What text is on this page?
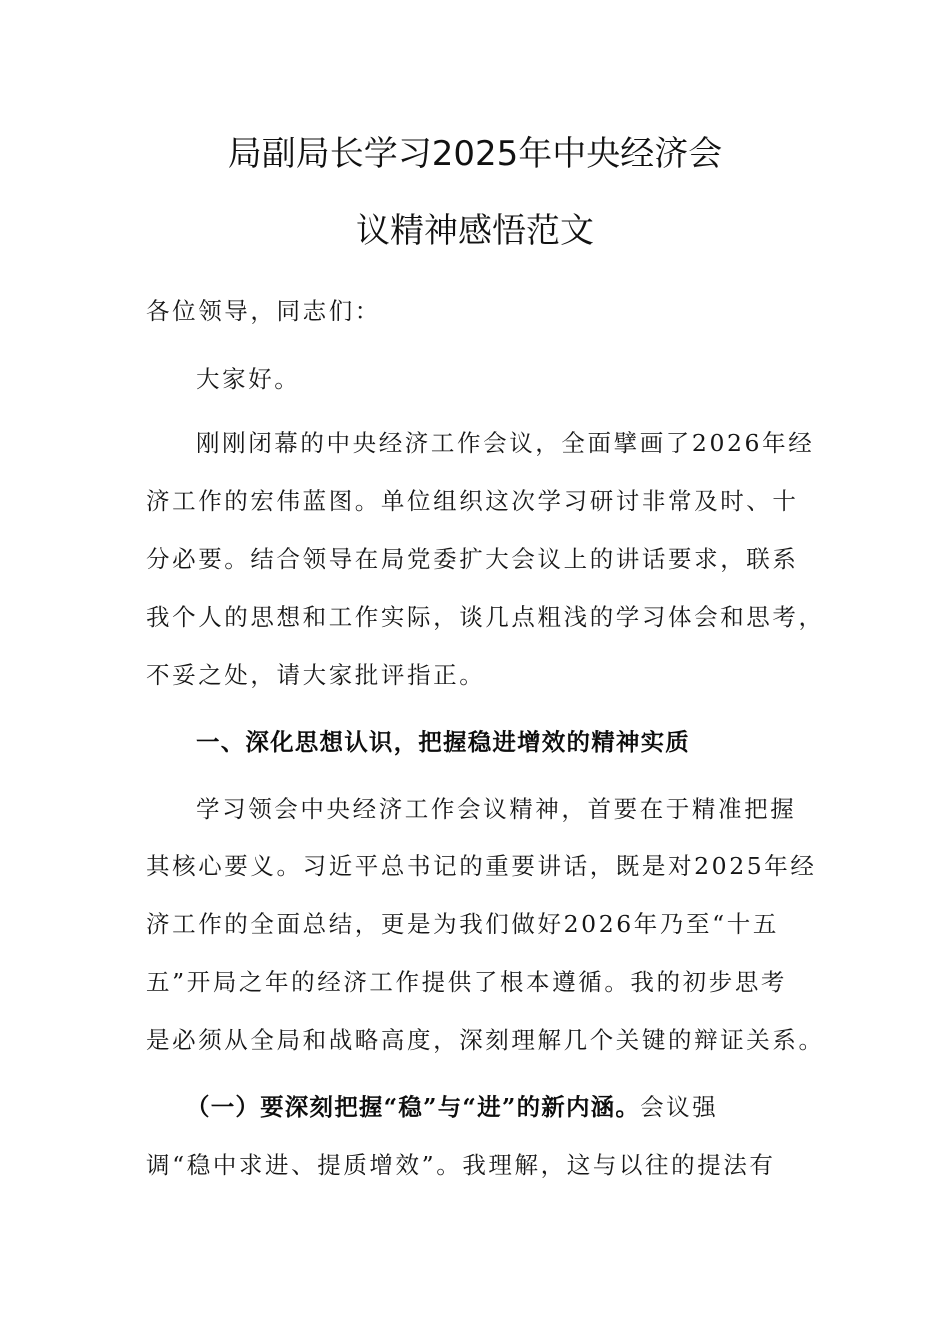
局副局长学习2025年中央经济会
议精神感悟范文
各位领导，同志们：
大家好。
刚刚闭幕的中央经济工作会议，全面擘画了2026年经
济工作的宏伟蓝图。单位组织这次学习研讨非常及时、十
分必要。结合领导在局党委扩大会议上的讲话要求，联系
我个人的思想和工作实际，谈几点粗浅的学习体会和思考，
不妥之处，请大家批评指正。
一、深化思想认识，把握稳进增效的精神实质
学习领会中央经济工作会议精神，首要在于精准把握
其核心要义。习近平总书记的重要讲话，既是对2025年经
济工作的全面总结，更是为我们做好2026年乃至“十五
五”开局之年的经济工作提供了根本遵循。我的初步思考
是必须从全局和战略高度，深刻理解几个关键的辩证关系。
（一）要深刻把握“稳”与“进”的新内涵。会议强
调“稳中求进、提质增效”。我理解，这与以往的提法有
